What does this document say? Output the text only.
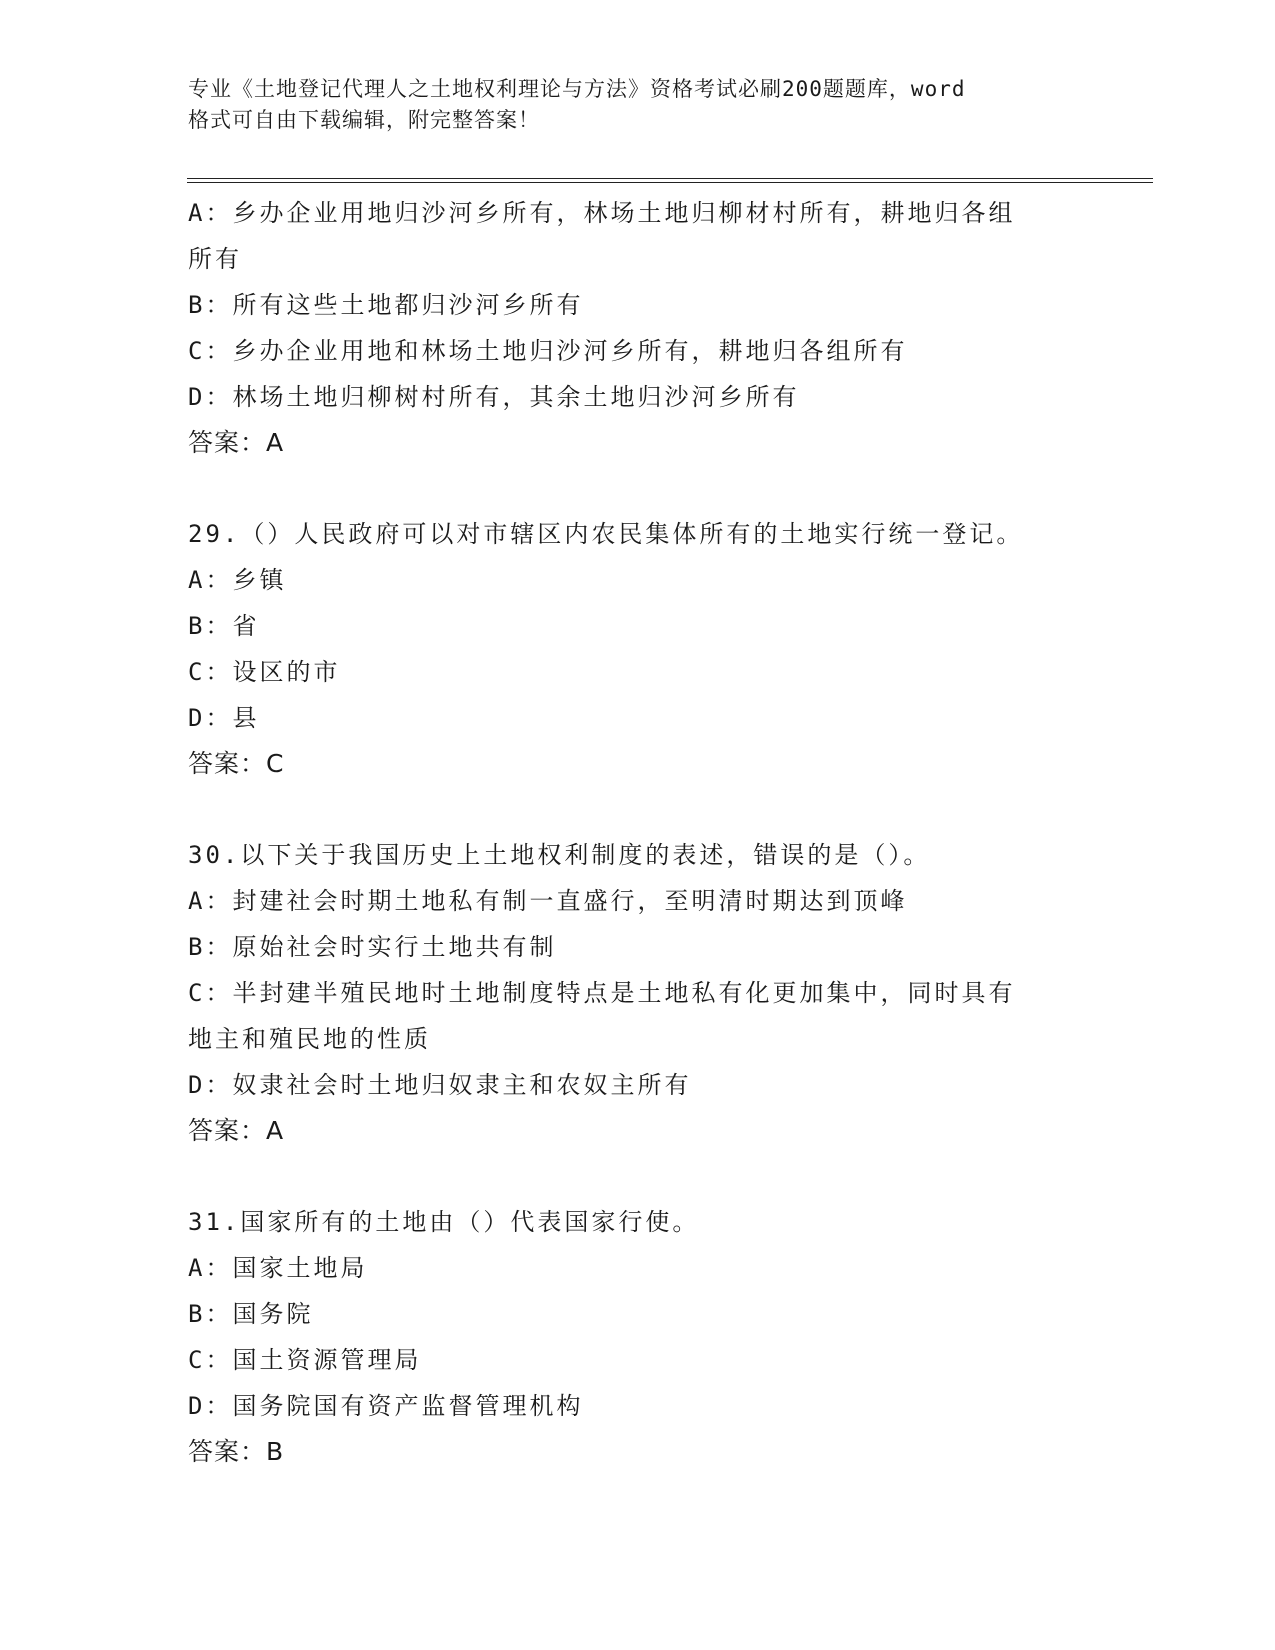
专业《土地登记代理人之土地权利理论与方法》资格考试必刷200题题库，word
格式可自由下载编辑，附完整答案！
A：乡办企业用地归沙河乡所有，林场土地归柳材村所有，耕地归各组
所有
B：所有这些土地都归沙河乡所有
C：乡办企业用地和林场土地归沙河乡所有，耕地归各组所有
D：林场土地归柳树村所有，其余土地归沙河乡所有
答案：A
29.（）人民政府可以对市辖区内农民集体所有的土地实行统一登记。
A：乡镇
B：省
C：设区的市
D：县
答案：C
30.以下关于我国历史上土地权利制度的表述，错误的是（）。
A：封建社会时期土地私有制一直盛行，至明清时期达到顶峰
B：原始社会时实行土地共有制
C：半封建半殖民地时土地制度特点是土地私有化更加集中，同时具有
地主和殖民地的性质
D：奴隶社会时土地归奴隶主和农奴主所有
答案：A
31.国家所有的土地由（）代表国家行使。
A：国家土地局
B：国务院
C：国土资源管理局
D：国务院国有资产监督管理机构
答案：B
